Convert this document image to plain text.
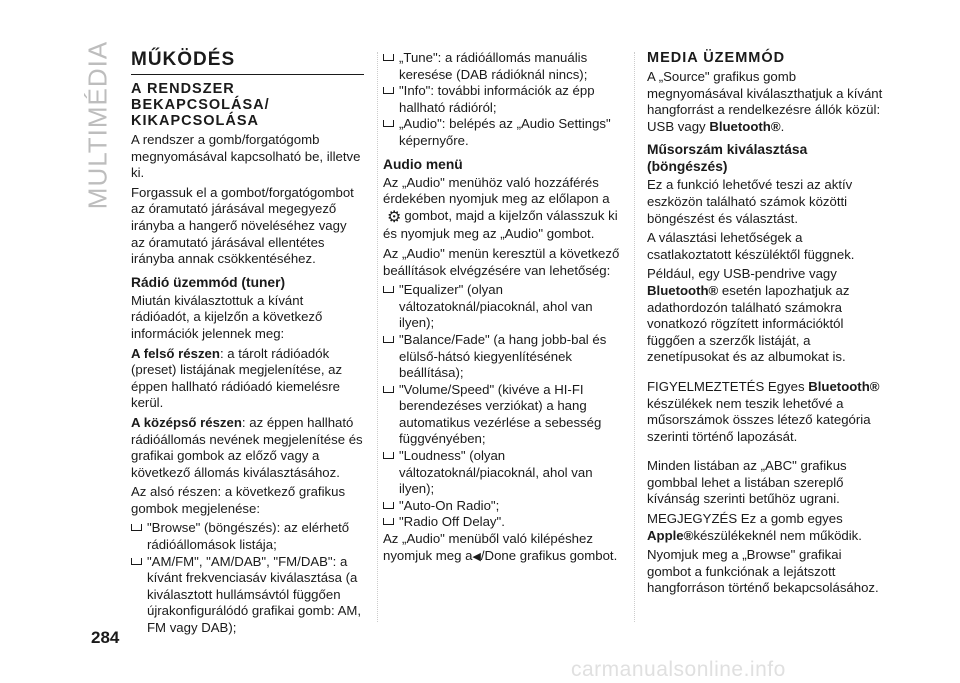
MULTIMÉDIA MŰKÖDÉS
A RENDSZER BEKAPCSOLÁSA/ KIKAPCSOLÁSA

A rendszer a gomb/forgatógomb megnyomásával kapcsolható be, illetve ki.

Forgassuk el a gombot/forgatógombot az óramutató járásával megegyező irányba a hangerő növeléséhez vagy az óramutató járásával ellentétes irányba annak csökkentéséhez.

Rádió üzemmód (tuner)

Miután kiválasztottuk a kívánt rádióadót, a kijelzőn a következő információk jelennek meg:

A felső részen: a tárolt rádióadók (preset) listájának megjelenítése, az éppen hallható rádióadó kiemelésre kerül.

A középső részen: az éppen hallható rádióállomás nevének megjelenítése és grafikai gombok az előző vagy a következő állomás kiválasztásához.

Az alsó részen: a következő grafikus gombok megjelenése:

"Browse" (böngészés): az elérhető rádióállomások listája;

"AM/FM", "AM/DAB", "FM/DAB": a kívánt frekvenciasáv kiválasztása (a kiválasztott hullámsávtól függően újrakonfigurálódó grafikai gomb: AM, FM vagy DAB);

„Tune": a rádióállomás manuális keresése (DAB rádióknál nincs);

"Info": további információk az épp hallható rádióról;

„Audio": belépés az „Audio Settings" képernyőre.

Audio menü

Az „Audio" menühöz való hozzáférés érdekében nyomjuk meg az előlapon a
⚙ gombot, majd a kijelzőn válasszuk ki és nyomjuk meg az „Audio" gombot.

Az „Audio" menün keresztül a következő beállítások elvégzésére van lehetőség:

"Equalizer" (olyan változatoknál/piacoknál, ahol van ilyen);

"Balance/Fade" (a hang jobb-bal és elülső-hátsó kiegyenlítésének beállítása);

"Volume/Speed" (kivéve a HI-FI berendezéses verziókat) a hang automatikus vezérlése a sebesség függvényében;

"Loudness" (olyan változatoknál/piacoknál, ahol van ilyen);

"Auto-On Radio";

"Radio Off Delay".

Az „Audio" menüből való kilépéshez nyomjuk meg a◀/Done grafikus gombot.

MEDIA ÜZEMMÓD

A „Source" grafikus gomb megnyomásával kiválaszthatjuk a kívánt hangforrást a rendelkezésre állók közül: USB vagy Bluetooth®.

Műsorszám kiválasztása (böngészés)

Ez a funkció lehetővé teszi az aktív eszközön található számok közötti böngészést és választást.

A választási lehetőségek a csatlakoztatott készüléktől függnek.

Például, egy USB-pendrive vagy Bluetooth® esetén lapozhatjuk az adathordozón található számokra vonatkozó rögzített információktól függően a szerzők listáját, a zenetípusokat és az albumokat is.

FIGYELMEZTETÉS Egyes Bluetooth® készülékek nem teszik lehetővé a műsorszámok összes létező kategória szerinti történő lapozását.

Minden listában az „ABC" grafikus gombbal lehet a listában szereplő kívánság szerinti betűhöz ugrani.

MEGJEGYZÉS Ez a gomb egyes Apple®készülékeknél nem működik.

Nyomjuk meg a „Browse" grafikai gombot a funkciónak a lejátszott hangforráson történő bekapcsolásához.

284
carmanualsonline.info
